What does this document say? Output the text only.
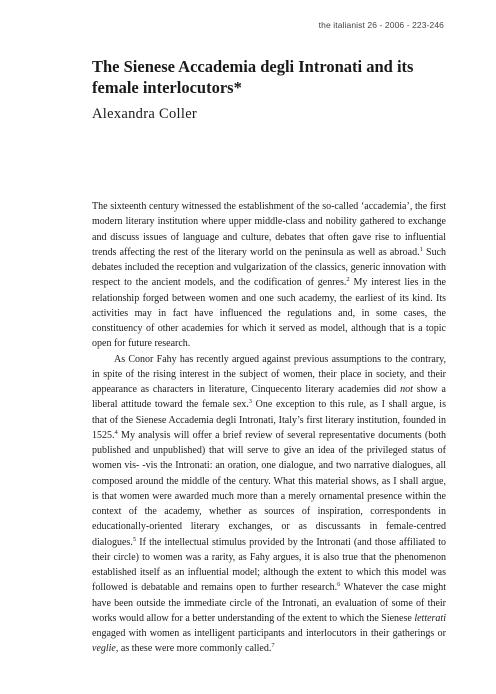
the italianist 26 - 2006 - 223-246
The Sienese Accademia degli Intronati and its female interlocutors*

Alexandra Coller

The sixteenth century witnessed the establishment of the so-called ‘accademia’, the first modern literary institution where upper middle-class and nobility gathered to exchange and discuss issues of language and culture, debates that often gave rise to influential trends affecting the rest of the literary world on the peninsula as well as abroad.$^1$ Such debates included the reception and vulgarization of the classics, generic innovation with respect to the ancient models, and the codification of genres.$^2$ My interest lies in the relationship forged between women and one such academy, the earliest of its kind. Its activities may in fact have influenced the regulations and, in some cases, the constituency of other academies for which it served as model, although that is a topic open for future research.

As Conor Fahy has recently argued against previous assumptions to the contrary, in spite of the rising interest in the subject of women, their place in society, and their appearance as characters in literature, Cinquecento literary academies did not show a liberal attitude toward the female sex.$^3$ One exception to this rule, as I shall argue, is that of the Sienese Accademia degli Intronati, Italy’s first literary institution, founded in 1525.$^4$ My analysis will offer a brief review of several representative documents (both published and unpublished) that will serve to give an idea of the privileged status of women vis- -vis the Intronati: an oration, one dialogue, and two narrative dialogues, all composed around the middle of the century. What this material shows, as I shall argue, is that women were awarded much more than a merely ornamental presence within the context of the academy, whether as sources of inspiration, correspondents in educationally-oriented literary exchanges, or as discussants in female-centred dialogues.$^5$ If the intellectual stimulus provided by the Intronati (and those affiliated to their circle) to women was a rarity, as Fahy argues, it is also true that the phenomenon established itself as an influential model; although the extent to which this model was followed is debatable and remains open to further research.$^6$ Whatever the case might have been outside the immediate circle of the Intronati, an evaluation of some of their works would allow for a better understanding of the extent to which the Sienese letterati engaged with women as intelligent participants and interlocutors in their gatherings or veglie, as these were more commonly called.$^7$
